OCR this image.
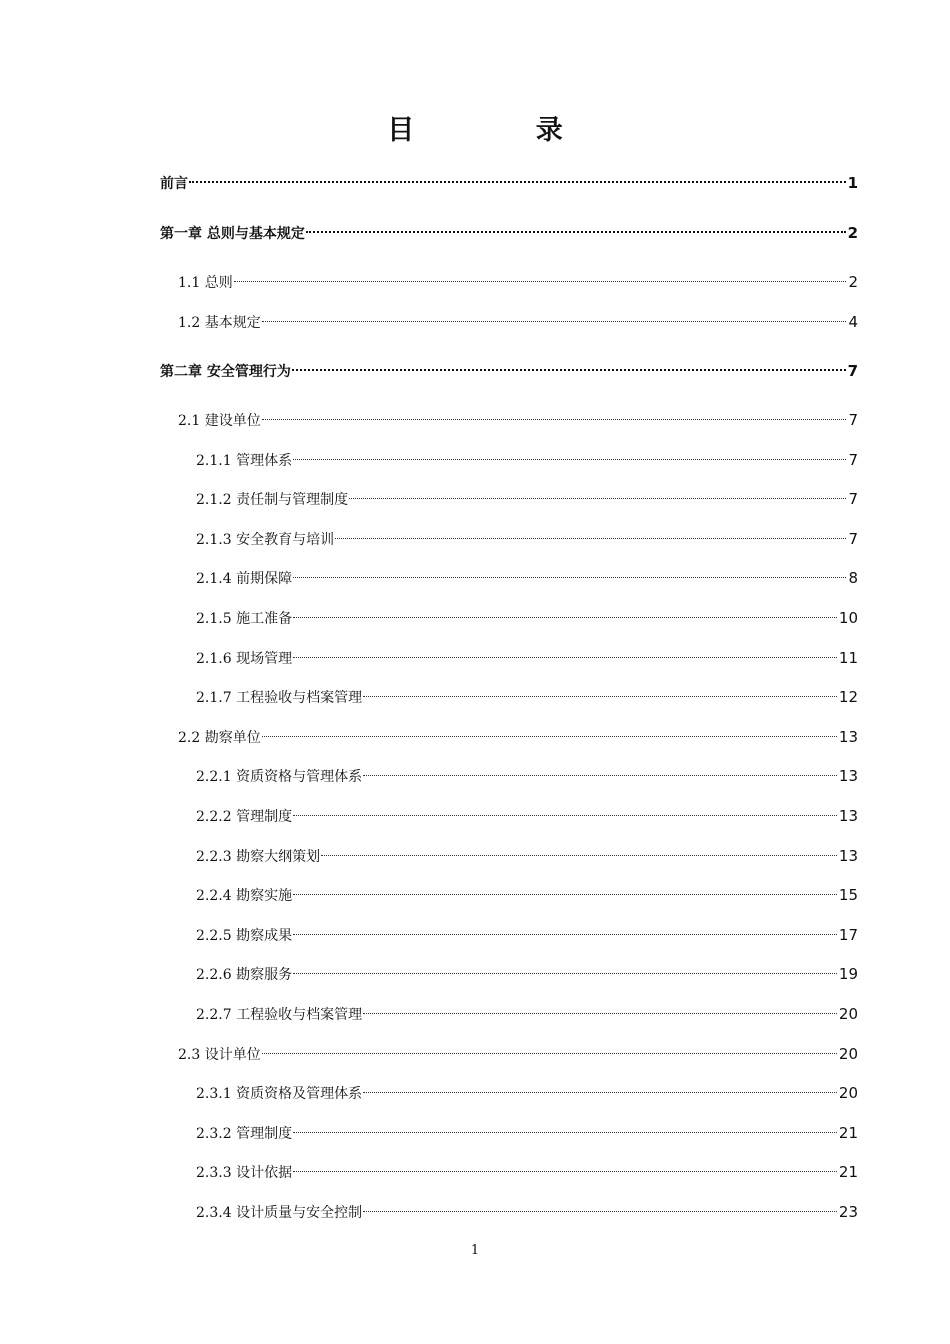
目 录
前言	1
第一章 总则与基本规定	2
1.1 总则	2
1.2 基本规定	4
第二章 安全管理行为	7
2.1 建设单位	7
2.1.1 管理体系	7
2.1.2 责任制与管理制度	7
2.1.3 安全教育与培训	7
2.1.4 前期保障	8
2.1.5 施工准备	10
2.1.6 现场管理	11
2.1.7 工程验收与档案管理	12
2.2 勘察单位	13
2.2.1 资质资格与管理体系	13
2.2.2 管理制度	13
2.2.3 勘察大纲策划	13
2.2.4 勘察实施	15
2.2.5 勘察成果	17
2.2.6 勘察服务	19
2.2.7 工程验收与档案管理	20
2.3 设计单位	20
2.3.1 资质资格及管理体系	20
2.3.2 管理制度	21
2.3.3 设计依据	21
2.3.4 设计质量与安全控制	23
1
